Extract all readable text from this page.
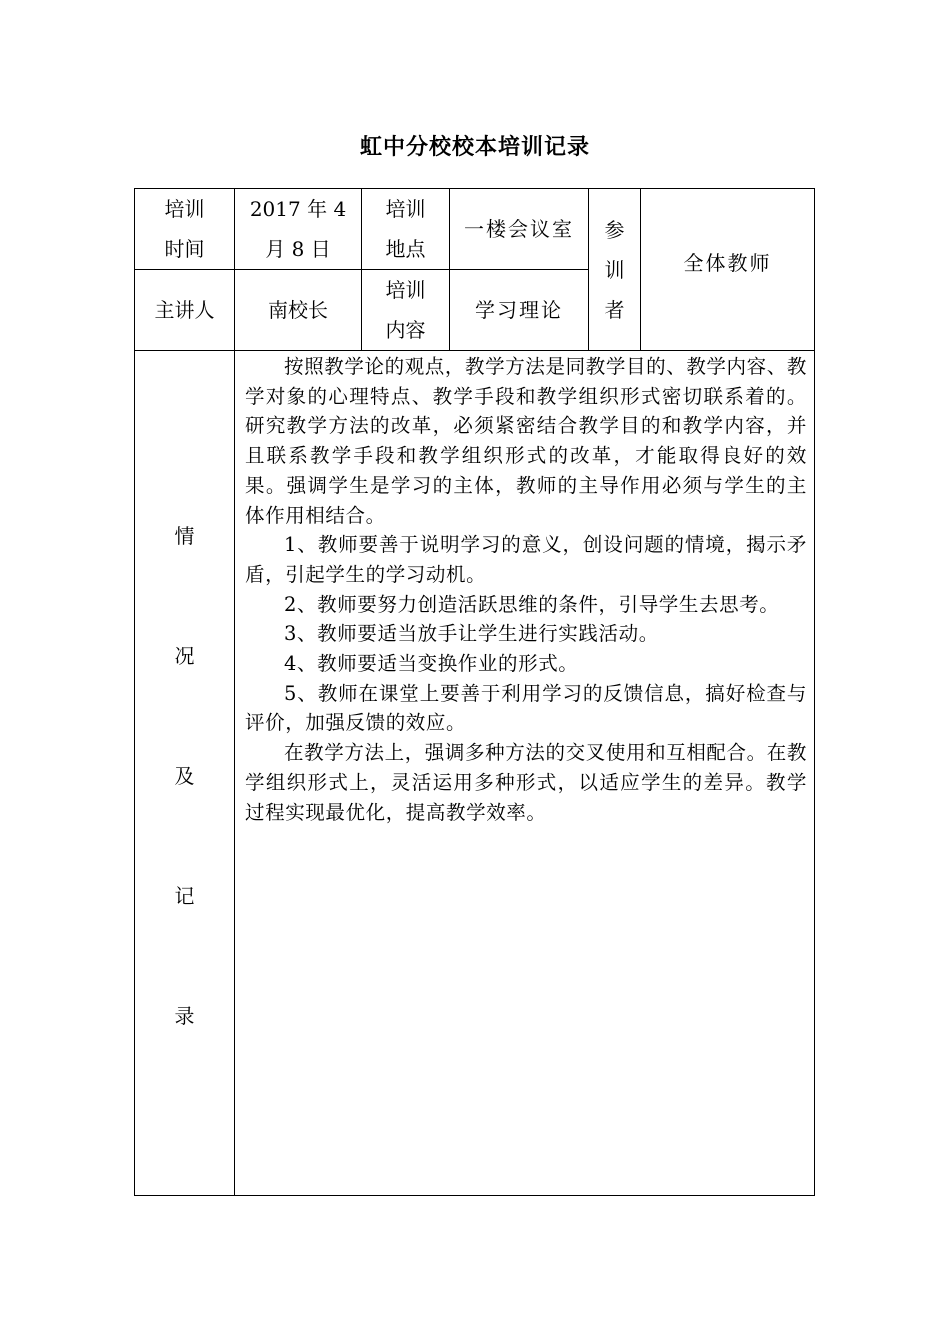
虹中分校校本培训记录
培训
时间
2017 年 4
月 8 日
培训
地点
一楼会议室 参
训
者
全体教师
主讲人	南校长
培训
内容
学习理论
情
况
及
记
录

按照教学论的观点，教学方法是同教学目的、教学内容、教学对象的心理特点、教学手段和教学组织形式密切联系着的。研究教学方法的改革，必须紧密结合教学目的和教学内容，并且联系教学手段和教学组织形式的改革，才能取得良好的效果。强调学生是学习的主体，教师的主导作用必须与学生的主体作用相结合。

1、教师要善于说明学习的意义，创设问题的情境，揭示矛盾，引起学生的学习动机。

2、教师要努力创造活跃思维的条件，引导学生去思考。

3、教师要适当放手让学生进行实践活动。

4、教师要适当变换作业的形式。

5、教师在课堂上要善于利用学习的反馈信息，搞好检查与评价，加强反馈的效应。

在教学方法上，强调多种方法的交叉使用和互相配合。在教学组织形式上，灵活运用多种形式，以适应学生的差异。教学过程实现最优化，提高教学效率。
